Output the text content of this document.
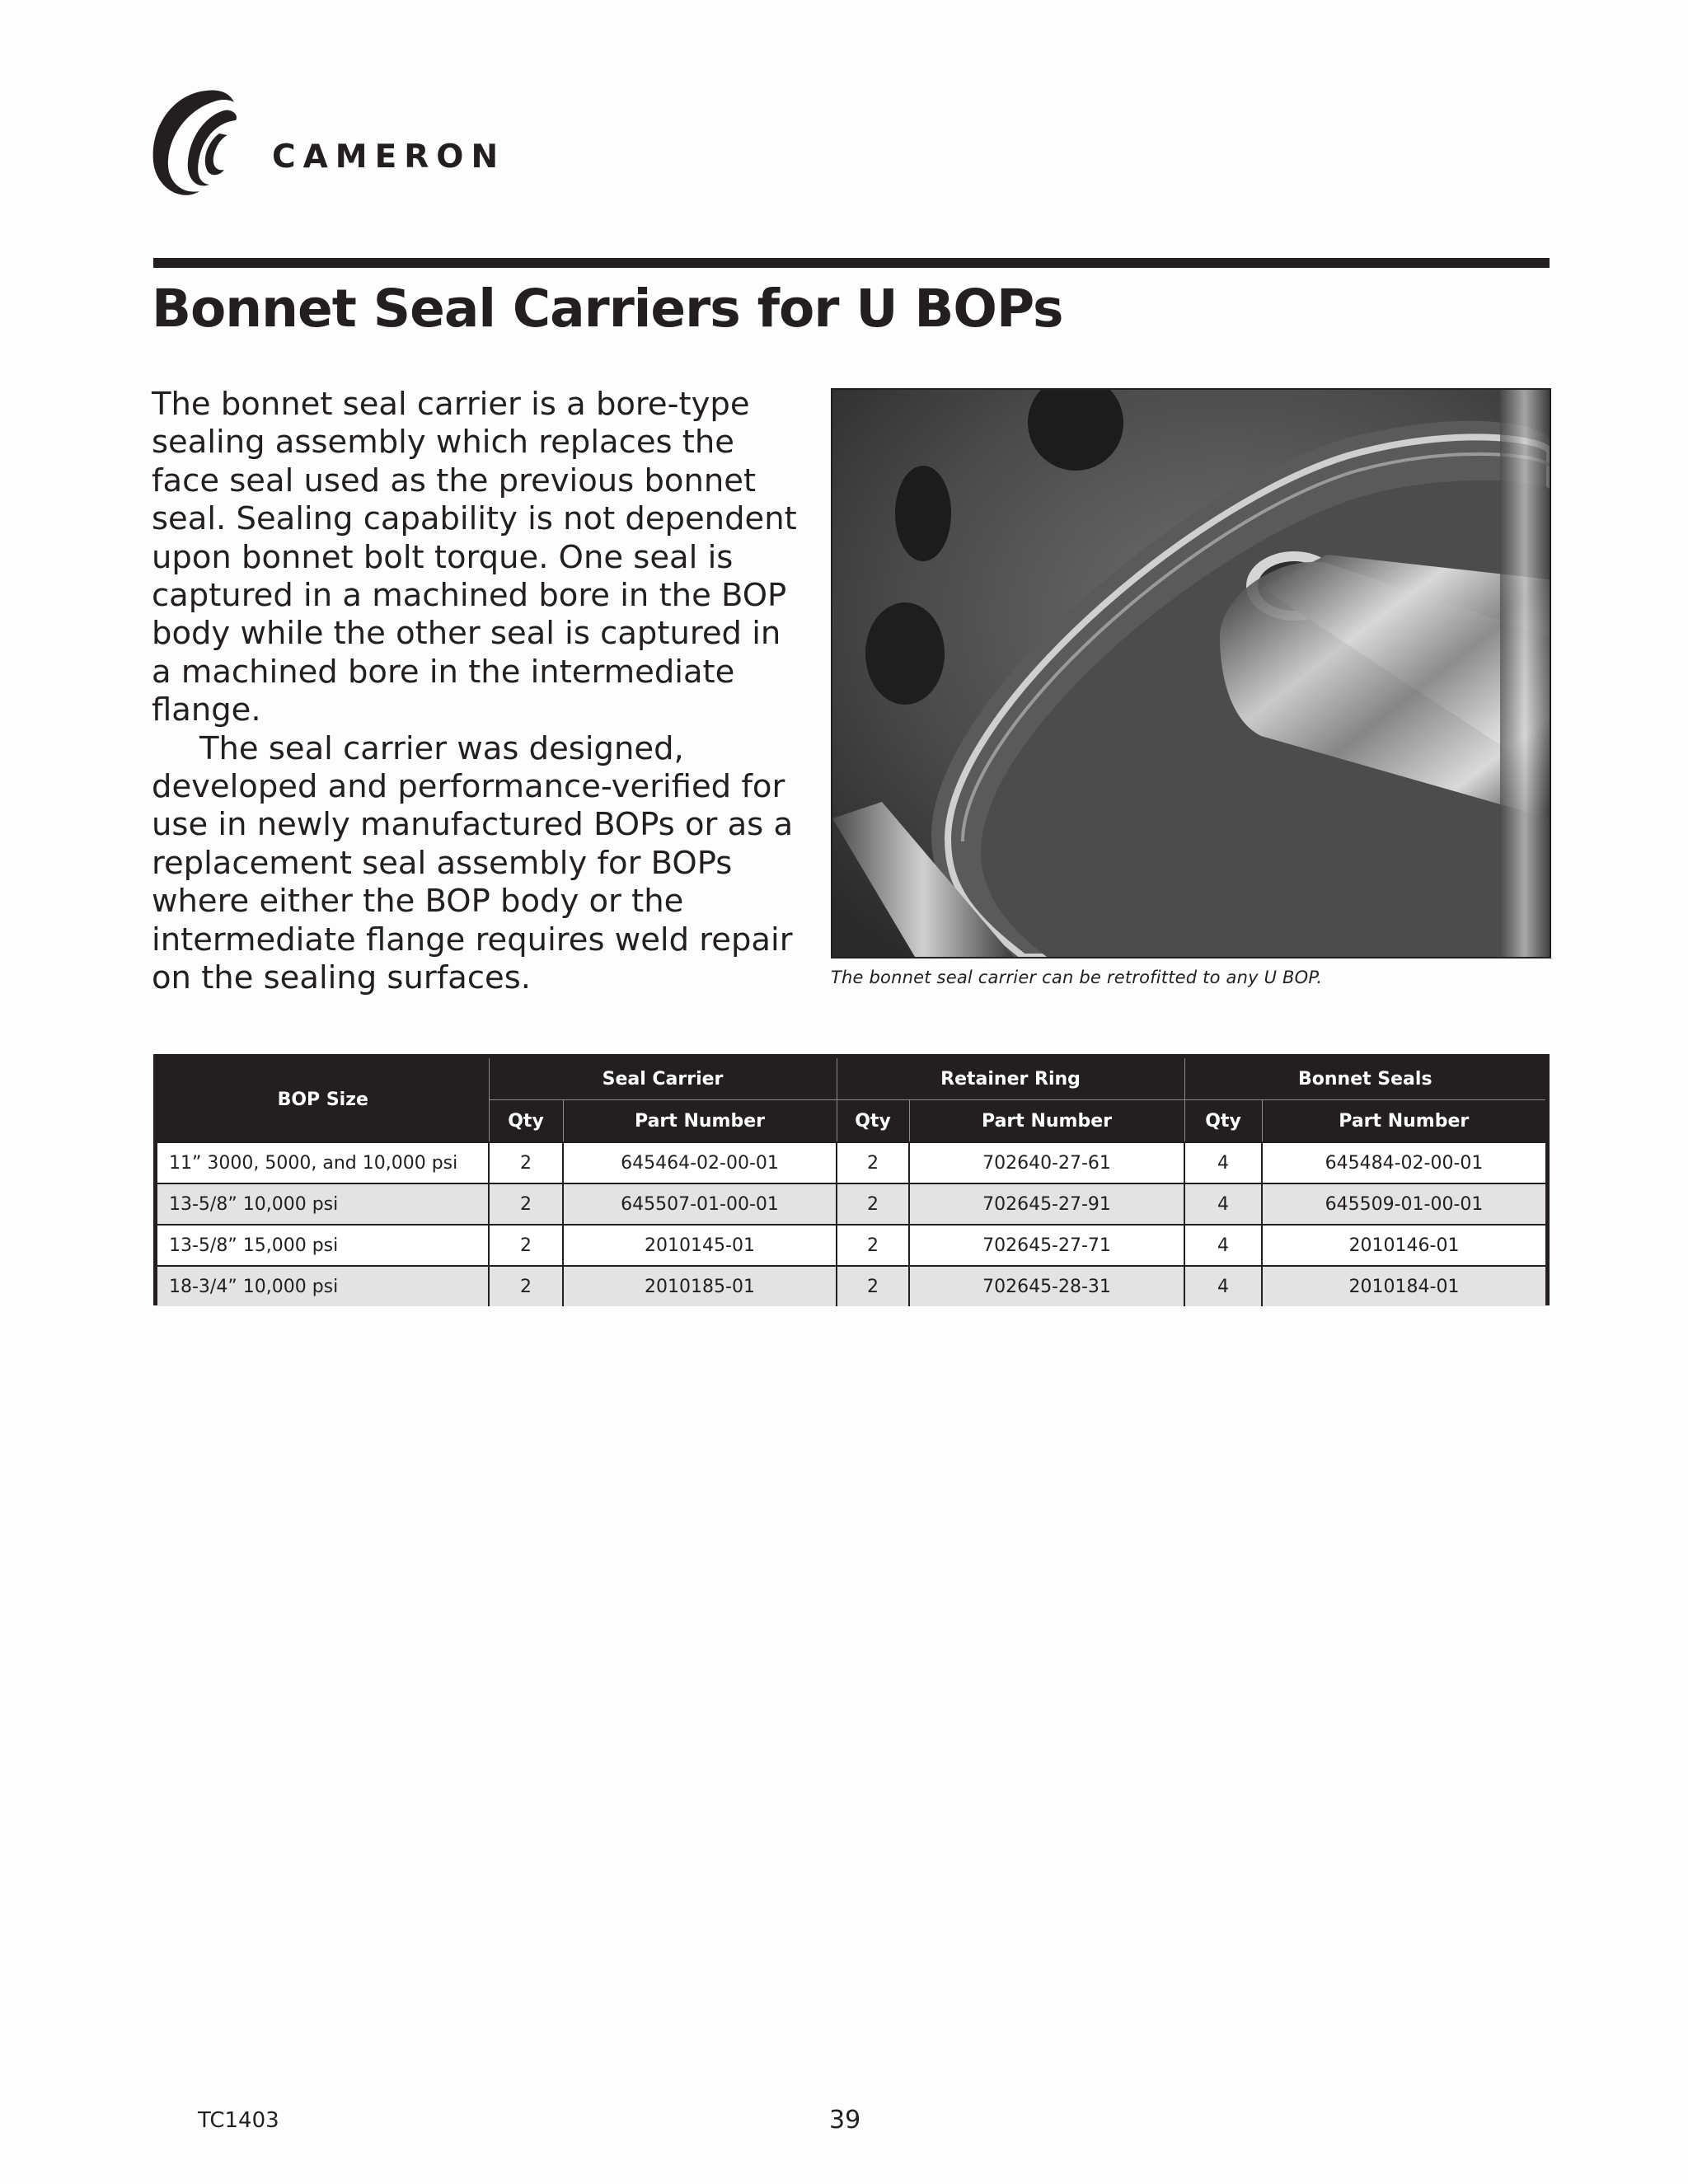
CAMERON
Bonnet Seal Carriers for U BOPs

The bonnet seal carrier is a bore-type sealing assembly which replaces the face seal used as the previous bonnet seal. Sealing capability is not dependent upon bonnet bolt torque. One seal is captured in a machined bore in the BOP body while the other seal is captured in a machined bore in the intermediate flange.

The seal carrier was designed, developed and performance-verified for use in newly manufactured BOPs or as a replacement seal assembly for BOPs where either the BOP body or the intermediate flange requires weld repair on the sealing surfaces.	The bonnet seal carrier can be retrofitted to any U BOP.
BOP Size	Seal Carrier		Retainer Ring		Bonnet Seals	
	Qty	Part Number	Qty	Part Number	Qty	Part Number
11” 3000, 5000, and 10,000 psi	2	645464-02-00-01	2	702640-27-61	4	645484-02-00-01
13-5/8” 10,000 psi	2	645507-01-00-01	2	702645-27-91	4	645509-01-00-01
13-5/8” 15,000 psi	2	2010145-01	2	702645-27-71	4	2010146-01
18-3/4” 10,000 psi	2	2010185-01	2	702645-28-31	4	2010184-01
TC1403	39
